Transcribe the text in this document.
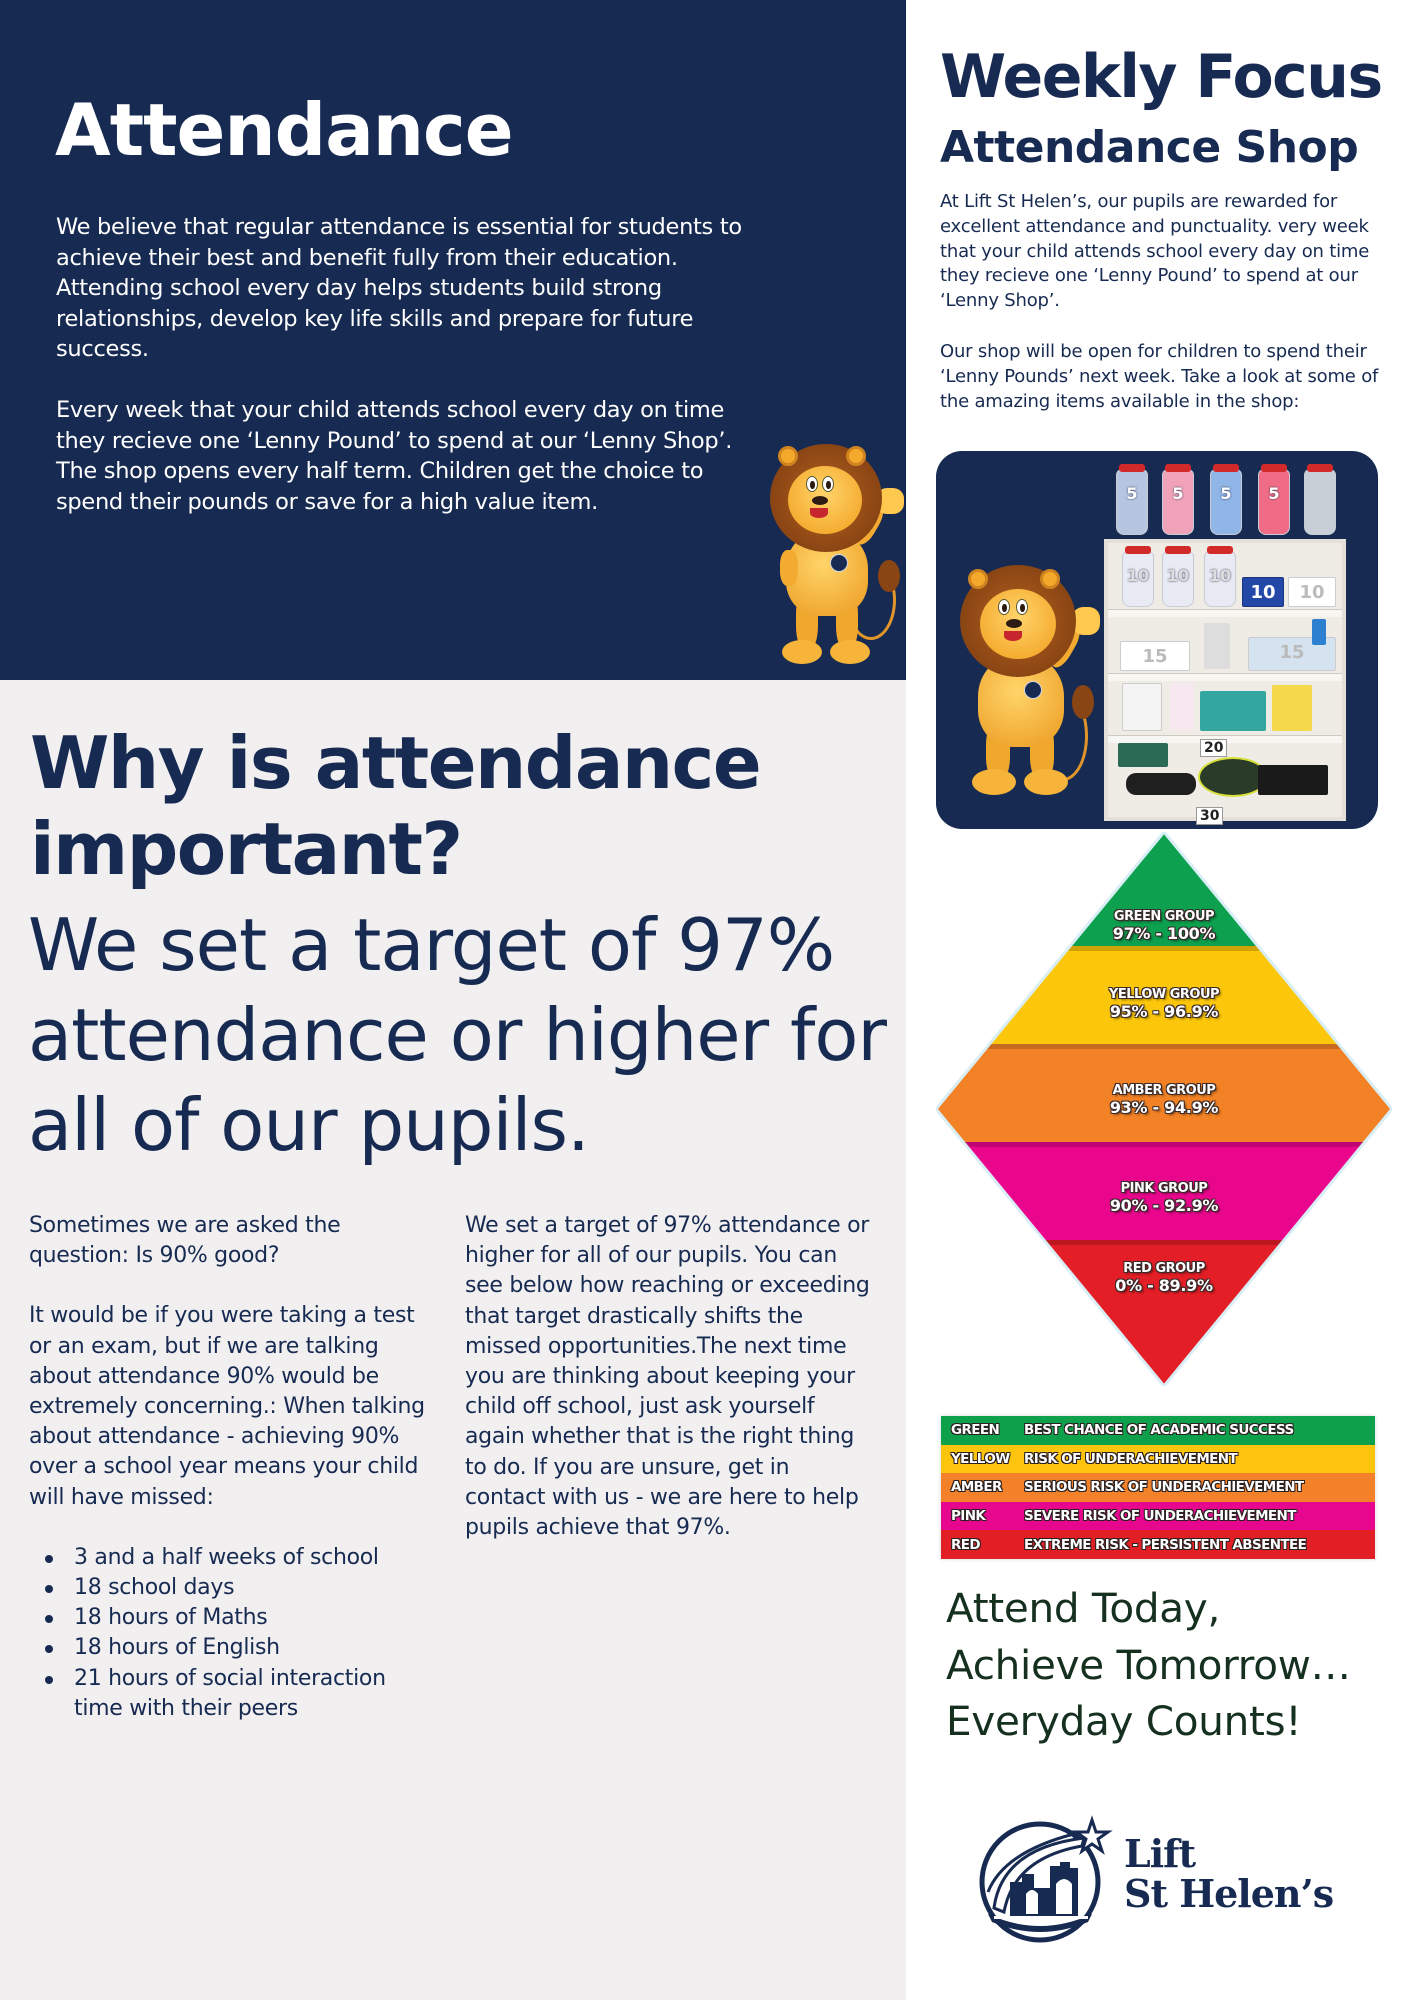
Attendance

We believe that regular attendance is essential for students to achieve their best and benefit fully from their education. Attending school every day helps students build strong relationships, develop key life skills and prepare for future success.

Every week that your child attends school every day on time they recieve one ‘Lenny Pound’ to spend at our ‘Lenny Shop’. The shop opens every half term. Children get the choice to spend their pounds or save for a high value item.

Why is attendance important?

We set a target of 97% attendance or higher for all of our pupils.

Sometimes we are asked the question: Is 90% good?

It would be if you were taking a test or an exam, but if we are talking about attendance 90% would be extremely concerning.: When talking about attendance - achieving 90% over a school year means your child will have missed:

3 and a half weeks of school
18 school days
18 hours of Maths
18 hours of English
21 hours of social interaction time with their peers

We set a target of 97% attendance or higher for all of our pupils. You can see below how reaching or exceeding that target drastically shifts the missed opportunities.The next time you are thinking about keeping your child off school, just ask yourself again whether that is the right thing to do. If you are unsure, get in contact with us - we are here to help pupils achieve that 97%.

Weekly Focus
Attendance Shop

At Lift St Helen’s, our pupils are rewarded for excellent attendance and punctuality. very week that your child attends school every day on time they recieve one ‘Lenny Pound’ to spend at our ‘Lenny Shop’.

Our shop will be open for children to spend their ‘Lenny Pounds’ next week. Take a look at some of the amazing items available in the shop:

5	5	5	5
10 10 10
10	10
15	15
20
30
GREEN GROUP
97% - 100%
YELLOW GROUP
95% - 96.9%
AMBER GROUP
93% - 94.9%
PINK GROUP
90% - 92.9%
RED GROUP
0% - 89.9%
GREEN	BEST CHANCE OF ACADEMIC SUCCESS
YELLOW	RISK OF UNDERACHIEVEMENT
AMBER	SERIOUS RISK OF UNDERACHIEVEMENT
PINK	SEVERE RISK OF UNDERACHIEVEMENT
RED	EXTREME RISK - PERSISTENT ABSENTEE
Attend Today,
Achieve Tomorrow…
Everyday Counts!
Lift
St Helen’s
